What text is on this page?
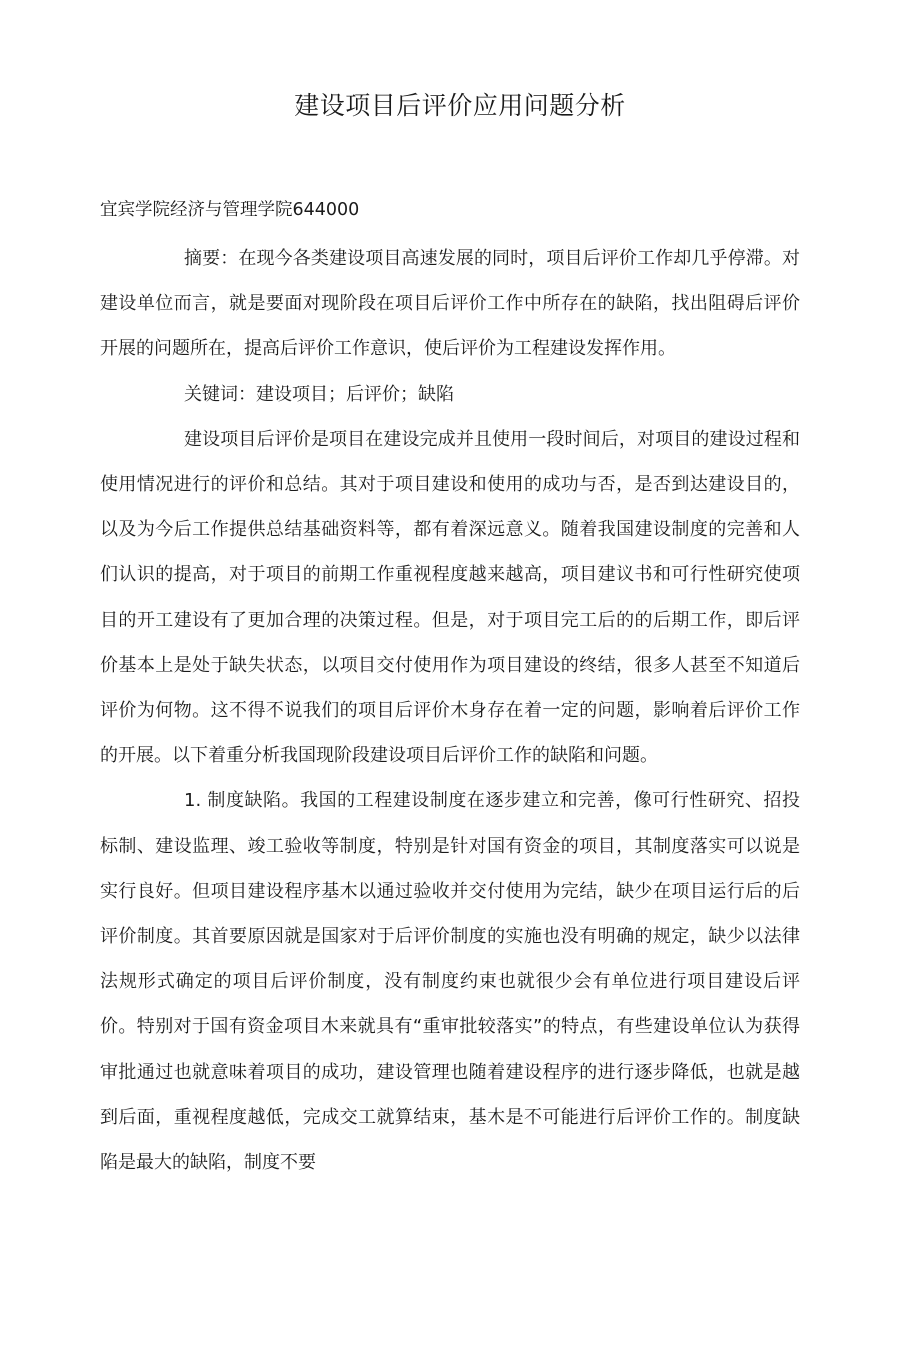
建设项目后评价应用问题分析

宜宾学院经济与管理学院644000

摘要：在现今各类建设项目高速发展的同时，项目后评价工作却几乎停滞。对建设单位而言，就是要面对现阶段在项目后评价工作中所存在的缺陷，找出阻碍后评价开展的问题所在，提高后评价工作意识，使后评价为工程建设发挥作用。

关键词：建设项目；后评价；缺陷

建设项目后评价是项目在建设完成并且使用一段时间后，对项目的建设过程和使用情况进行的评价和总结。其对于项目建设和使用的成功与否，是否到达建设目的，以及为今后工作提供总结基础资料等，都有着深远意义。随着我国建设制度的完善和人们认识的提高，对于项目的前期工作重视程度越来越高，项目建议书和可行性研究使项目的开工建设有了更加合理的决策过程。但是，对于项目完工后的的后期工作，即后评价基本上是处于缺失状态，以项目交付使用作为项目建设的终结，很多人甚至不知道后评价为何物。这不得不说我们的项目后评价木身存在着一定的问题，影响着后评价工作的开展。以下着重分析我国现阶段建设项目后评价工作的缺陷和问题。

1. 制度缺陷。我国的工程建设制度在逐步建立和完善，像可行性研究、招投标制、建设监理、竣工验收等制度，特别是针对国有资金的项目，其制度落实可以说是实行良好。但项目建设程序基木以通过验收并交付使用为完结，缺少在项目运行后的后评价制度。其首要原因就是国家对于后评价制度的实施也没有明确的规定，缺少以法律法规形式确定的项目后评价制度，没有制度约束也就很少会有单位进行项目建设后评价。特别对于国有资金项目木来就具有“重审批较落实”的特点，有些建设单位认为获得审批通过也就意味着项目的成功，建设管理也随着建设程序的进行逐步降低，也就是越到后面，重视程度越低，完成交工就算结束，基木是不可能进行后评价工作的。制度缺陷是最大的缺陷，制度不要
